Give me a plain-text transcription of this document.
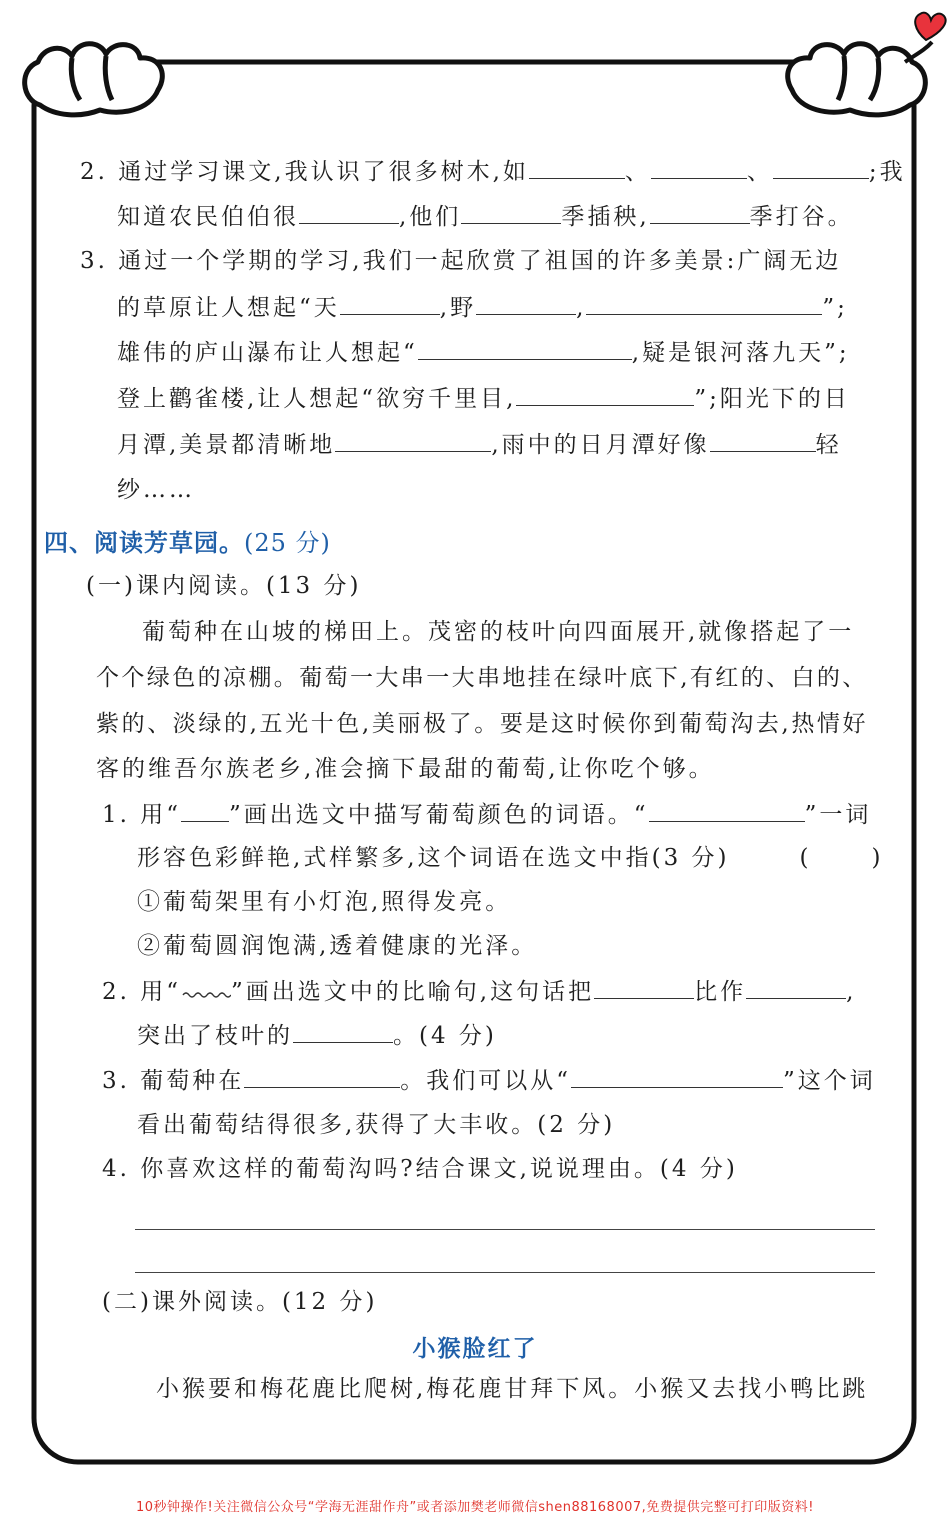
2. 通过学习课文,我认识了很多树木,如	、	、	;我
知道农民伯伯很	,他们	季插秧,	季打谷。
3. 通过一个学期的学习,我们一起欣赏了祖国的许多美景:广阔无边
的草原让人想起“天	,野	,	”;
雄伟的庐山瀑布让人想起“	,疑是银河落九天”;
登上鹳雀楼,让人想起“欲穷千里目,	”;阳光下的日
月潭,美景都清晰地	,雨中的日月潭好像	轻
纱……
四、阅读芳草园。(25 分)
(一)课内阅读。(13 分)
葡萄种在山坡的梯田上。茂密的枝叶向四面展开,就像搭起了一
个个绿色的凉棚。葡萄一大串一大串地挂在绿叶底下,有红的、白的、
紫的、淡绿的,五光十色,美丽极了。要是这时候你到葡萄沟去,热情好
客的维吾尔族老乡,准会摘下最甜的葡萄,让你吃个够。
1. 用“ ”画出选文中描写葡萄颜色的词语。“	”一词
形容色彩鲜艳,式样繁多,这个词语在选文中指(3 分)	(	)
①葡萄架里有小灯泡,照得发亮。
②葡萄圆润饱满,透着健康的光泽。
2. 用“ ”画出选文中的比喻句,这句话把	比作	,
突出了枝叶的	。(4 分)
3. 葡萄种在	。我们可以从“	”这个词
看出葡萄结得很多,获得了大丰收。(2 分)
4. 你喜欢这样的葡萄沟吗?结合课文,说说理由。(4 分)
(二)课外阅读。(12 分)
小猴脸红了
小猴要和梅花鹿比爬树,梅花鹿甘拜下风。小猴又去找小鸭比跳
10秒钟操作!关注微信公众号“学海无涯甜作舟”或者添加樊老师微信shen88168007,免费提供完整可打印版资料!
